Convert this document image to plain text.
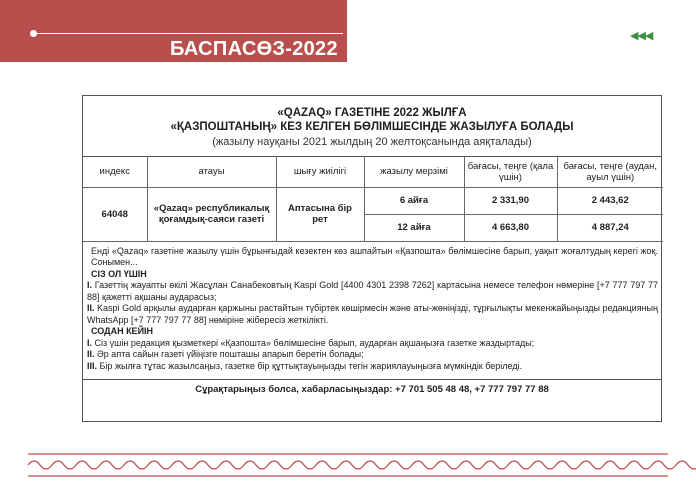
БАСПАСӨЗ-2022
◀◀◀
«QAZAQ» ГАЗЕТІНЕ 2022 ЖЫЛҒА
«ҚАЗПОШТАНЫҢ» КЕЗ КЕЛГЕН БӨЛІМШЕСІНДЕ ЖАЗЫЛУҒА БОЛАДЫ
(жазылу науқаны 2021 жылдың 20 желтоқсанында аяқталады)
индекс	атауы	шығу жиілігі	жазылу мерзімі	бағасы, теңге (қала үшін)	бағасы, теңге (аудан, ауыл үшін)
64048	«Qazaq» республикалық қоғамдық-саяси газеті	Аптасына бір рет	6 айға	2 331,90	2 443,62
			12 айға	4 663,80	4 887,24

Енді «Qazaq» газетіне жазылу үшін бұрынғыдай кезектен көз ашпайтын «Қазпошта» бөлімшесіне барып, уақыт жоғалтудың керегі жоқ. Сонымен...

СІЗ ОЛ ҮШІН

I. Газеттің жауапты өкілі Жасұлан Санабековтың Kaspi Gold [4400 4301 2398 7262] картасына немесе телефон нөмеріне [+7 777 797 77 88] қажетті ақшаны аударасыз;

II. Kaspi Gold арқылы аударған қаржыны растайтын түбіртек көшірмесін және аты-жөніңізді, тұрғылықты мекенжайыңызды редакцияның WhatsApp [+7 777 797 77 88] нөміріне жібересіз жеткілікті.

СОДАН КЕЙІН

I. Сіз үшін редакция қызметкері «Қазпошта» бөлімшесіне барып, аударған ақшаңызға газетке жаздыртады;

II. Әр апта сайын газеті үйіңізге пошташы апарып беретін болады;

III. Бір жылға тұтас жазылсаңыз, газетке бір құттықтауыңызды тегін жариялауыңызға мүмкіндік беріледі.

Сұрақтарыңыз болса, хабарласыңыздар: +7 701 505 48 48, +7 777 797 77 88
